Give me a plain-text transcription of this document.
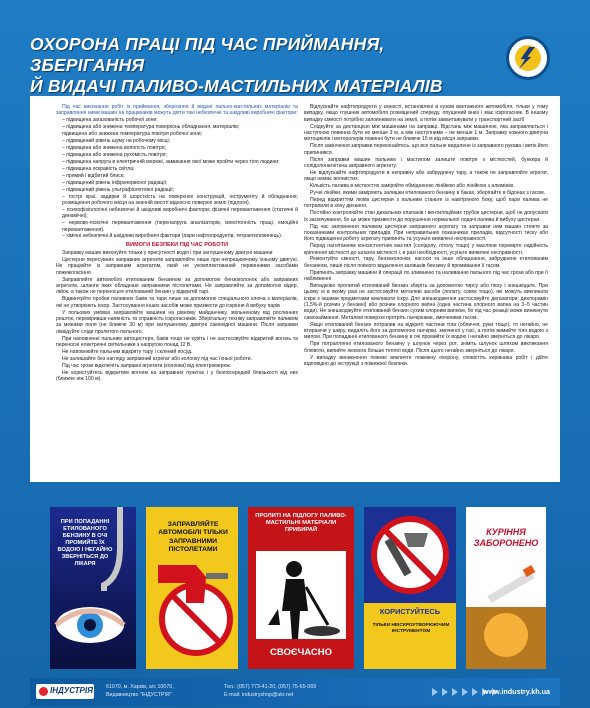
ОХОРОНА ПРАЦІ ПІД ЧАС ПРИЙМАННЯ, ЗБЕРІГАННЯ
Й ВИДАЧІ ПАЛИВО-МАСТИЛЬНИХ МАТЕРІАЛІВ

Під час виконання робіт із приймання, зберігання й видачі пально-мастильних матеріалів та заправляння ними машин на працівників можуть діяти такі небезпечні та шкідливі виробничі фактори:

– підвищена загазованість робочої зони;

– підвищена або знижена температура поверхонь обладнання, матеріалів;

підвищена або знижена температура повітря робочої зони;

– підвищений рівень шуму на робочому місці;

– підвищена або знижена вологість повітря;

– підвищена або знижена рухомість повітря;

– підвищена напруга в електричній мережі, замикання якої може пройти через тіло людини;

– підвищена яскравість світла;

– прямий і відбитий блиск;

– підвищений рівень інфрачервоної радіації;

– підвищений рівень ультрафіолетової радіації;

– гострі краї, задирки й шорсткість на поверхнях конструкцій, інструменту й обладнання; розміщення робочого місця на значній висоті відносно поверхні землі (підлоги).

– психофізіологічні небезпечні й шкідливі виробничі фактори: фізичні перевантаження (статичні й динамічні);

– нервово-психічні перевантаження (перенапруга аналізаторів, монотонність праці, емоційні перевантаження).

– хімічні небезпечні й шкідливі виробничі фактори (пари нафтопродуктів, тетраетилсвинець).

ВИМОГИ БЕЗПЕКИ ПІД ЧАС РОБОТИ

Заправку машин виконуйте тільки у присутності водія і при заглушеному двигуні машини

Цистерни пересувних заправних агрегатів заправляйте лише при непрацюючому їхньому двигуні. Не працюйте із заправним агрегатом, який не укомплектований первинними засобами пожежогасіння.

Заправляйте автомобілі етилованим бензином за допомогою бензоколонок або заправних агрегатів, шланги яких обладнані заправними пістолетами. Не заправляйте за допомогою відер, лійок, а також не переносьте етилований бензин у відкритій тарі.

Відвинчуйте пробки паливних баків та тари лише за допомогою спеціального ключа з матеріалів, які не утворюють іскор. Застосування інших засобів може призвести до іскріння й вибуху парів

У польових умовах заправляйте машини на рівному майданчику, звільненому від рослинних решток, перевіривши наявність та справність іскрогасників. Зберігальну техніку заправляйте паливом за межами поля (не ближче 30 м) при заглушеному двигуні самохідної машини. Після заправки ліквідуйте сліди пролитого пального.

При наповненні пальним автоцистерн, баків тощо не куріть і не застосовуйте відкритий вогонь та переносні електричні світильники з напругою понад 12 В.

Не наповнюйте пальним відкриту тару і скляний посуд.

Не залишайте без нагляду заправний агрегат або колонку під час їхньої роботи.

Під час грози відключіть заправні агрегати (колонки) від електромереж.

Не користуйтесь відкритим вогнем на заправних пунктах і у безпосередній близькості від них (ближче ніж 100 м).

Відпускайте нафтопродукти у ємності, встановлені в кузові вантажного автомобіля, тільки у тому випадку, якщо глушник автомобіля розміщений спереду, опущений вниз і має іскрогасник. В іншому випадку ємності потрібно заповнювати на землі, а потім завантажувати у транспортний засіб

Слідкуйте за дистанцією між машинами на заправці. Відстань між машиною, яка заправляється і наступною повинна бути не менше 3 м, а між наступними – не менше 1 м. Заправку кожного двигуна мотоциклів і моторолерів повинні бути не ближче 15 м від місця заправки.

Після закінчення заправки переконайтесь, що все пальне видалене із заправного рукава і витік його припинився.

Після заправки машин пальним і мастилом залиште повітря з місткостей, бункера й солідолонагнітача заправного агрегату.

Не відпускайте нафтопродукти в непривну або забруднену тару, а також не заправляйте агрегат, якщо немає волнистих.

Кількість палива в місткостях заміряйте обмідненою лінійкою або лінійкою з алюмінію.

Ручні лінійки, якими заміряють залишки етилованого бензину в баках, зберігайте в бідонах з гасом.

Перед відкриттям люків цистерни з пальним станьте із навітряного боку, щоб пари палива не потрапили в зону дихання.

Постійно контролюйте стан дихальних клапанів і вентиляційних трубок цистерни, щоб не допускати їх засмічування, бо це може призвести до порушення нормальної подачі палива й вибуху цистерни.

Під час заповнення паливом цистерни заправного агрегату та заправки ним машин стежте за показниками контрольних приладів. При неправильних показниках приладів, відсутності тиску або його підвищенні роботу агрегату припиніть та усуньте виявлені несправності.

Перед нагнітанням консистентних мастил (солідолу, літолу тощо) у масляни перевірте надійність кріплення місткості до шланга місткості і, в разі необхідності, усуньте виявлені несправності.

Ремонтуйте ємності, тару, бензоколонки, насоси та інше обладнання, забруднене етилованим бензином, лише після повного видалення залишків бензину й промивання її гасом.

Припиніть заправку машини й операції по зливанню та наливанню пального під час грози або при її наближенні

Випадково пролитий етилований бензин зберіть за допомогою тирсу або піску і знешкодьте. При цьому ні в якому разі не застосовуйте металеві засоби (лопату, совок тощо), які можуть викликати іскри з іншими предметами викликати іскру. Для знешкодження застосовуйте дегазатори: дихлорамін (1,5%-й розчин у бензині) або розчин хлорного вапна (одна частина хлорного вапна на 3–5 частин води). Не знешкоджуйте етилований бензин сухим хлорним вапном, бо під час реакції може виникнути самозаймання. Металеві поверхні протріть ганчірками, змоченими гасом.

Якщо етилований бензин потрапив на відкриті частини тіла (обличчя, руки тощо), то негайно, не втираючи у шкіру, видаліть його за допомогою ганчірки, змоченої у гасі, а потім вимийте тіло водою з милом. При попаданні етилованого бензину в очі промийте їх водою і негайно зверніться до лікаря.

При потраплянні етилованого бензину у шлунок через рот, зніміть шлунок шляхом викликання блювоти, випийте якомога більше теплої води. Після цього негайно зверніться до лікаря.

У випадку виникнення пожежі викличте пожежну охорону, сповістіть керівника робіт і дійте відповідно до інструкції з пожежної безпеки.

ПРИ ПОПАДАННІ ЕТИЛОВАНОГО БЕНЗИНУ В ОЧІ ПРОМИЙТЕ ЇХ ВОДОЮ І НЕГАЙНО ЗВЕРНІТЬСЯ ДО ЛІКАРЯ
ЗАПРАВЛЯЙТЕ АВТОМОБІЛІ ТІЛЬКИ ЗАПРАВНИМИ ПІСТОЛЕТАМИ
ПРОЛИТІ НА ПІДЛОГУ ПАЛИВО-МАСТИЛЬНІ МАТЕРІАЛИ ПРИБИРАЙ
СВОЄЧАСНО
КОРИСТУЙТЕСЬ
ТІЛЬКИ НЕІСКРОУТВОРЮЮЧИМ ІНСТРУМЕНТОМ
КУРІННЯ ЗАБОРОНЕНО
ІНДУСТРІЯ 61070, м. Харків, а/с 10070,
Видавництво "ІНДУСТРІЯ"
Тел.: (057) 773-41-20, (057) 75-65-069
E-mail: industryshop@ukr.net	www.industry.kh.ua
